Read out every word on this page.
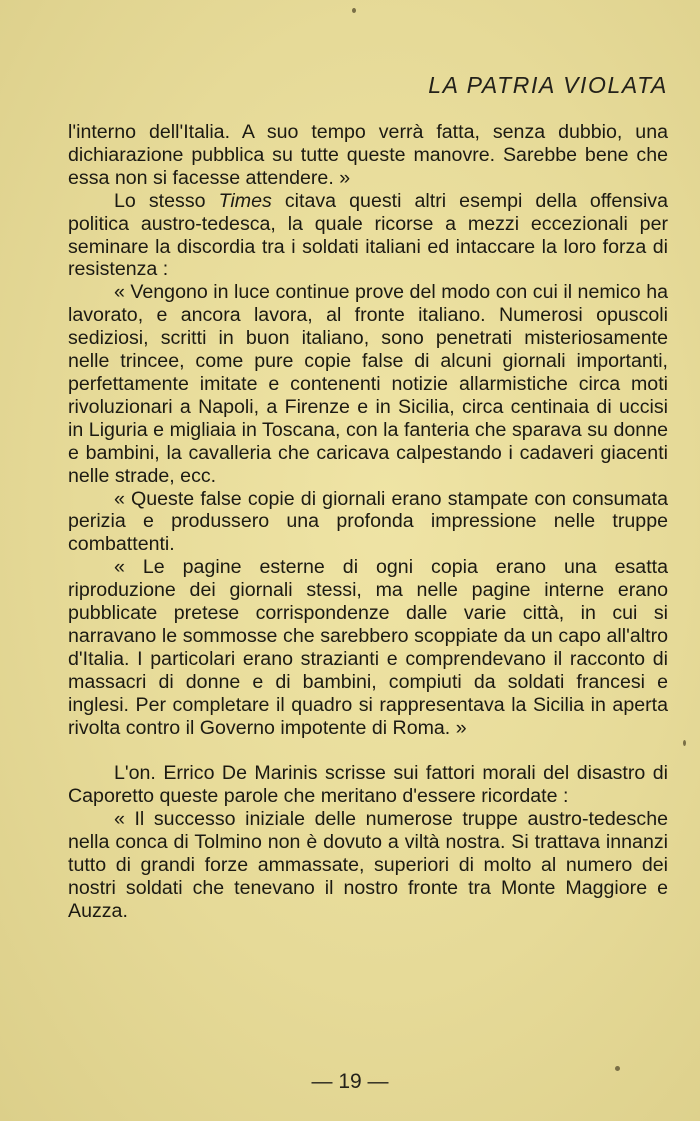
LA PATRIA VIOLATA

l'interno dell'Italia. A suo tempo verrà fatta, senza dubbio, una dichiarazione pubblica su tutte queste manovre. Sarebbe bene che essa non si facesse attendere. »

Lo stesso Times citava questi altri esempi della offensiva politica austro-tedesca, la quale ricorse a mezzi eccezionali per seminare la discordia tra i soldati italiani ed intaccare la loro forza di resistenza :

« Vengono in luce continue prove del modo con cui il nemico ha lavorato, e ancora lavora, al fronte italiano. Numerosi opuscoli sediziosi, scritti in buon italiano, sono penetrati misteriosamente nelle trincee, come pure copie false di alcuni giornali importanti, perfettamente imitate e contenenti notizie allarmistiche circa moti rivoluzionari a Napoli, a Firenze e in Sicilia, circa centinaia di uccisi in Liguria e migliaia in Toscana, con la fanteria che sparava su donne e bambini, la cavalleria che caricava calpestando i cadaveri giacenti nelle strade, ecc.

« Queste false copie di giornali erano stampate con consumata perizia e produssero una profonda impressione nelle truppe combattenti.

« Le pagine esterne di ogni copia erano una esatta riproduzione dei giornali stessi, ma nelle pagine interne erano pubblicate pretese corrispondenze dalle varie città, in cui si narravano le sommosse che sarebbero scoppiate da un capo all'altro d'Italia. I particolari erano strazianti e comprendevano il racconto di massacri di donne e di bambini, compiuti da soldati francesi e inglesi. Per completare il quadro si rappresentava la Sicilia in aperta rivolta contro il Governo impotente di Roma. »

L'on. Errico De Marinis scrisse sui fattori morali del disastro di Caporetto queste parole che meritano d'essere ricordate :

« Il successo iniziale delle numerose truppe austro-tedesche nella conca di Tolmino non è dovuto a viltà nostra. Si trattava innanzi tutto di grandi forze ammassate, superiori di molto al numero dei nostri soldati che tenevano il nostro fronte tra Monte Maggiore e Auzza.

— 19 —
